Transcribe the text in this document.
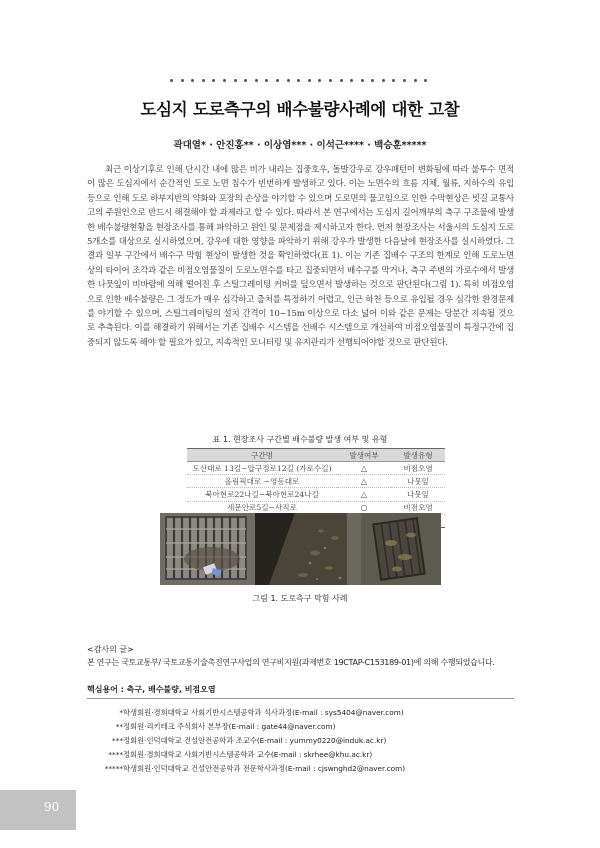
도심지 도로측구의 배수불량사례에 대한 고찰
곽대열* · 안진홍** · 이상염*** · 이석근**** · 백승훈*****

최근 이상기후로 인해 단시간 내에 많은 비가 내리는 집중호우, 돌발강우로 강우패턴이 변화됨에 따라 불투수 면적이 많은 도심지에서 순간적인 도로 노면 침수가 빈번하게 발생하고 있다. 이는 노면수의 흐름 지체, 월류, 지하수의 유입 등으로 인해 도로 하부지반의 약화와 포장의 손상을 야기할 수 있으며 도로면의 물고임으로 인한 수막현상은 빗길 교통사고의 주원인으로 반드시 해결해야 할 과제라고 할 수 있다. 따라서 본 연구에서는 도심지 길어깨부의 측구 구조물에 발생한 배수불량현황을 현장조사를 통해 파악하고 원인 및 문제점을 제시하고자 한다. 먼저 현장조사는 서울시의 도심지 도로 5개소를 대상으로 실시하였으며, 강우에 대한 영향을 파악하기 위해 강우가 발생한 다음날에 현장조사를 실시하였다. 그 결과 일부 구간에서 배수구 막힘 현상이 발생한 것을 확인하였다(표 1). 이는 기존 집배수 구조의 한계로 인해 도로노면상의 타이어 조각과 같은 비점오염물질이 도로노면수를 타고 집중되면서 배수구를 막거나, 측구 주변의 가로수에서 발생한 나뭇잎이 비바람에 의해 떨어진 후 스틸그레이팅 커버를 덮으면서 발생하는 것으로 판단된다(그림 1). 특히 비점오염으로 인한 배수불량은 그 정도가 매우 심각하고 출처를 특정하기 어렵고, 인근 하천 등으로 유입될 경우 심각한 환경문제를 야기할 수 있으며, 스틸그레이팅의 설치 간격이 10~15m 이상으로 다소 넓어 이와 같은 문제는 당분간 지속될 것으로 추측된다. 이를 해결하기 위해서는 기존 집배수 시스템을 선배수 시스템으로 개선하여 비점오염물질이 특정구간에 집중되지 않도록 해야 할 필요가 있고, 지속적인 모니터링 및 유지관리가 선행되어야할 것으로 판단된다.

표 1. 현장조사 구간별 배수불량 발생 여부 및 유형
구간명	발생여부	발생유형
도산대로 13길~압구정로12길 (가로수길)	△	비점오염
올림픽대로 ~영동대로	△	나뭇잎
북아현로22나길~북아현로24나길	△	나뭇잎
세문안로5길~사직로	○	비점오염

그림 1. 도로측구 막힘 사례
<감사의 글>
본 연구는 국토교통부/ 국토교통기술촉진연구사업의 연구비지원(과제번호 19CTAP-C153189-01)에 의해 수행되었습니다.
핵심용어 : 측구, 배수불량, 비점오염

*학생회원·경희대학교 사회기반시스템공학과 석사과정(E-mail : sys5404@naver.com)

**정회원·리키테크 주식회사 본부장(E-mail : gate44@naver.com)

***정회원·인덕대학교 건설안전공학과 조교수(E-mail : yummy0220@induk.ac.kr)

****정회원·경희대학교 사회기반시스템공학과 교수(E-mail : skrhee@khu.ac.kr)

*****학생회원·인덕대학교 건설안전공학과 전문학사과정(E-mail : cjswnghd2@naver.com)

90
